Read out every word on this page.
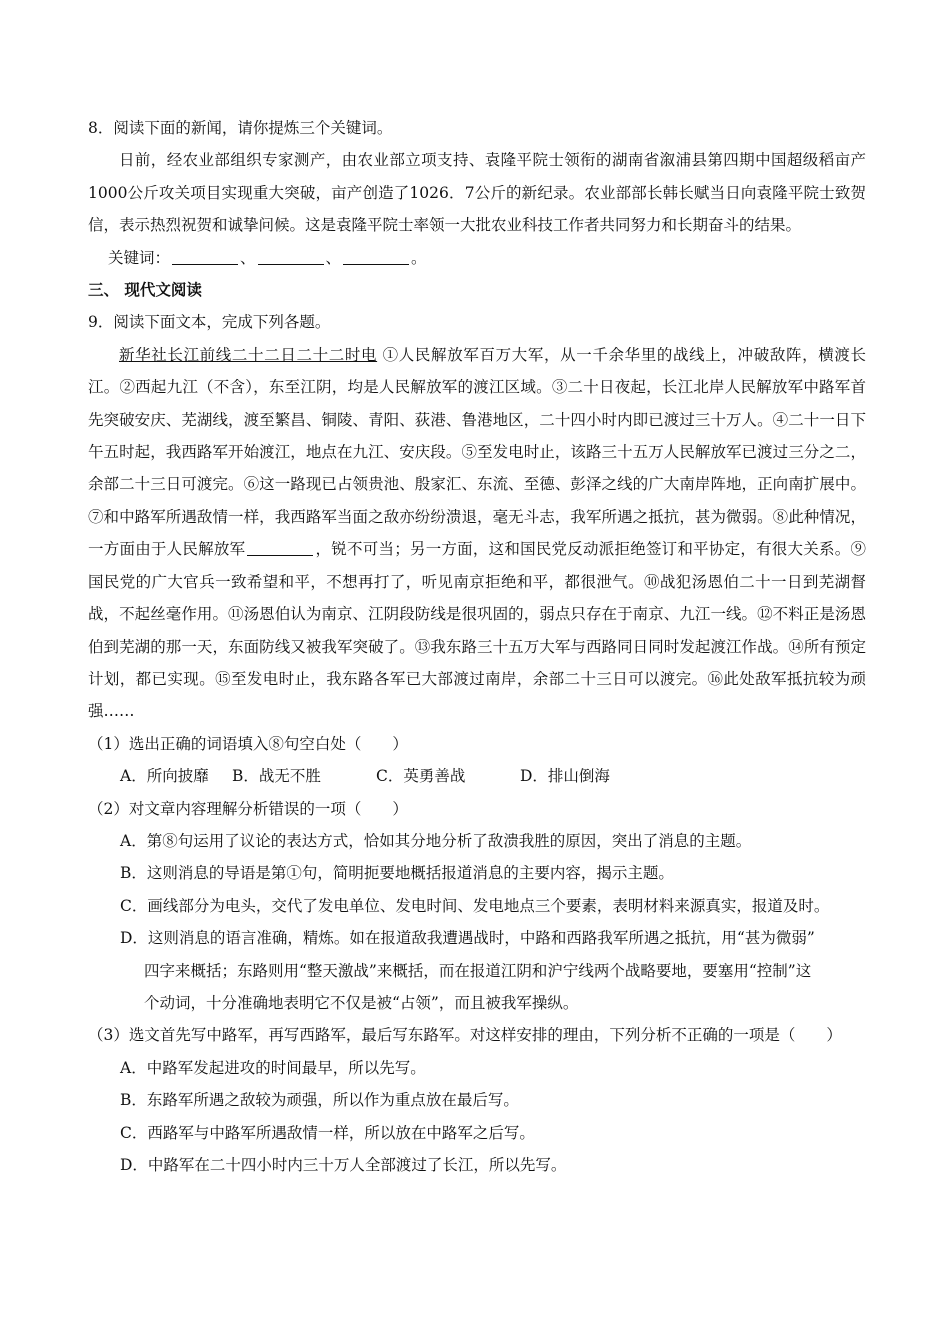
8．阅读下面的新闻，请你提炼三个关键词。
日前，经农业部组织专家测产，由农业部立项支持、袁隆平院士领衔的湖南省溆浦县第四期中国超级稻亩产1000公斤攻关项目实现重大突破，亩产创造了1026．7公斤的新纪录。农业部部长韩长赋当日向袁隆平院士致贺信，表示热烈祝贺和诚挚问候。这是袁隆平院士率领一大批农业科技工作者共同努力和长期奋斗的结果。
关键词：	、	、	。
三、 现代文阅读
9．阅读下面文本，完成下列各题。
新华社长江前线二十二日二十二时电 ①人民解放军百万大军，从一千余华里的战线上，冲破敌阵，横渡长江。②西起九江（不含），东至江阴，均是人民解放军的渡江区域。③二十日夜起，长江北岸人民解放军中路军首先突破安庆、芜湖线，渡至繁昌、铜陵、青阳、荻港、鲁港地区，二十四小时内即已渡过三十万人。④二十一日下午五时起，我西路军开始渡江，地点在九江、安庆段。⑤至发电时止，该路三十五万人民解放军已渡过三分之二，余部二十三日可渡完。⑥这一路现已占领贵池、殷家汇、东流、至德、彭泽之线的广大南岸阵地，正向南扩展中。⑦和中路军所遇敌情一样，我西路军当面之敌亦纷纷溃退，毫无斗志，我军所遇之抵抗，甚为微弱。⑧此种情况，一方面由于人民解放军	，锐不可当；另一方面，这和国民党反动派拒绝签订和平协定，有很大关系。⑨国民党的广大官兵一致希望和平，不想再打了，听见南京拒绝和平，都很泄气。⑩战犯汤恩伯二十一日到芜湖督战，不起丝毫作用。⑪汤恩伯认为南京、江阴段防线是很巩固的，弱点只存在于南京、九江一线。⑫不料正是汤恩伯到芜湖的那一天，东面防线又被我军突破了。⑬我东路三十五万大军与西路同日同时发起渡江作战。⑭所有预定计划，都已实现。⑮至发电时止，我东路各军已大部渡过南岸，余部二十三日可以渡完。⑯此处敌军抵抗较为顽强……
（1）选出正确的词语填入⑧句空白处（　　）
A．所向披靡 B．战无不胜	C．英勇善战	D．排山倒海
（2）对文章内容理解分析错误的一项（　　）
A．第⑧句运用了议论的表达方式，恰如其分地分析了敌溃我胜的原因，突出了消息的主题。
B．这则消息的导语是第①句，简明扼要地概括报道消息的主要内容，揭示主题。
C．画线部分为电头，交代了发电单位、发电时间、发电地点三个要素，表明材料来源真实，报道及时。
D．这则消息的语言准确，精炼。如在报道敌我遭遇战时，中路和西路我军所遇之抵抗，用“甚为微弱”
四字来概括；东路则用“整天激战”来概括，而在报道江阴和沪宁线两个战略要地，要塞用“控制”这
个动词，十分准确地表明它不仅是被“占领”，而且被我军操纵。
（3）选文首先写中路军，再写西路军，最后写东路军。对这样安排的理由，下列分析不正确的一项是（　　）
A．中路军发起进攻的时间最早，所以先写。
B．东路军所遇之敌较为顽强，所以作为重点放在最后写。
C．西路军与中路军所遇敌情一样，所以放在中路军之后写。
D．中路军在二十四小时内三十万人全部渡过了长江，所以先写。
